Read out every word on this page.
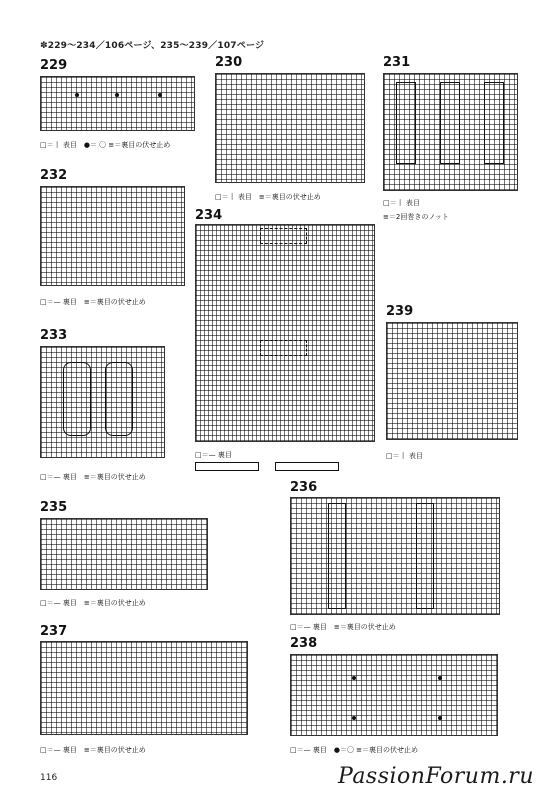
✽229〜234／106ページ、235〜239／107ページ
229
□＝丨 表目　●＝ 〇 ≡＝裏目の伏せ止め
230
□＝丨 表目　≡＝裏目の伏せ止め
231
□＝丨 表目
≡＝2回巻きのノット
232
□＝— 裏目　≡＝裏目の伏せ止め
234
□＝— 裏目
233
□＝— 裏目　≡＝裏目の伏せ止め
239
□＝丨 表目
235
□＝— 裏目　≡＝裏目の伏せ止め
236
□＝— 裏目　≡＝裏目の伏せ止め
237
□＝— 裏目　≡＝裏目の伏せ止め
238
□＝— 裏目　●＝〇 ≡＝裏目の伏せ止め
116	PassionForum.ru
